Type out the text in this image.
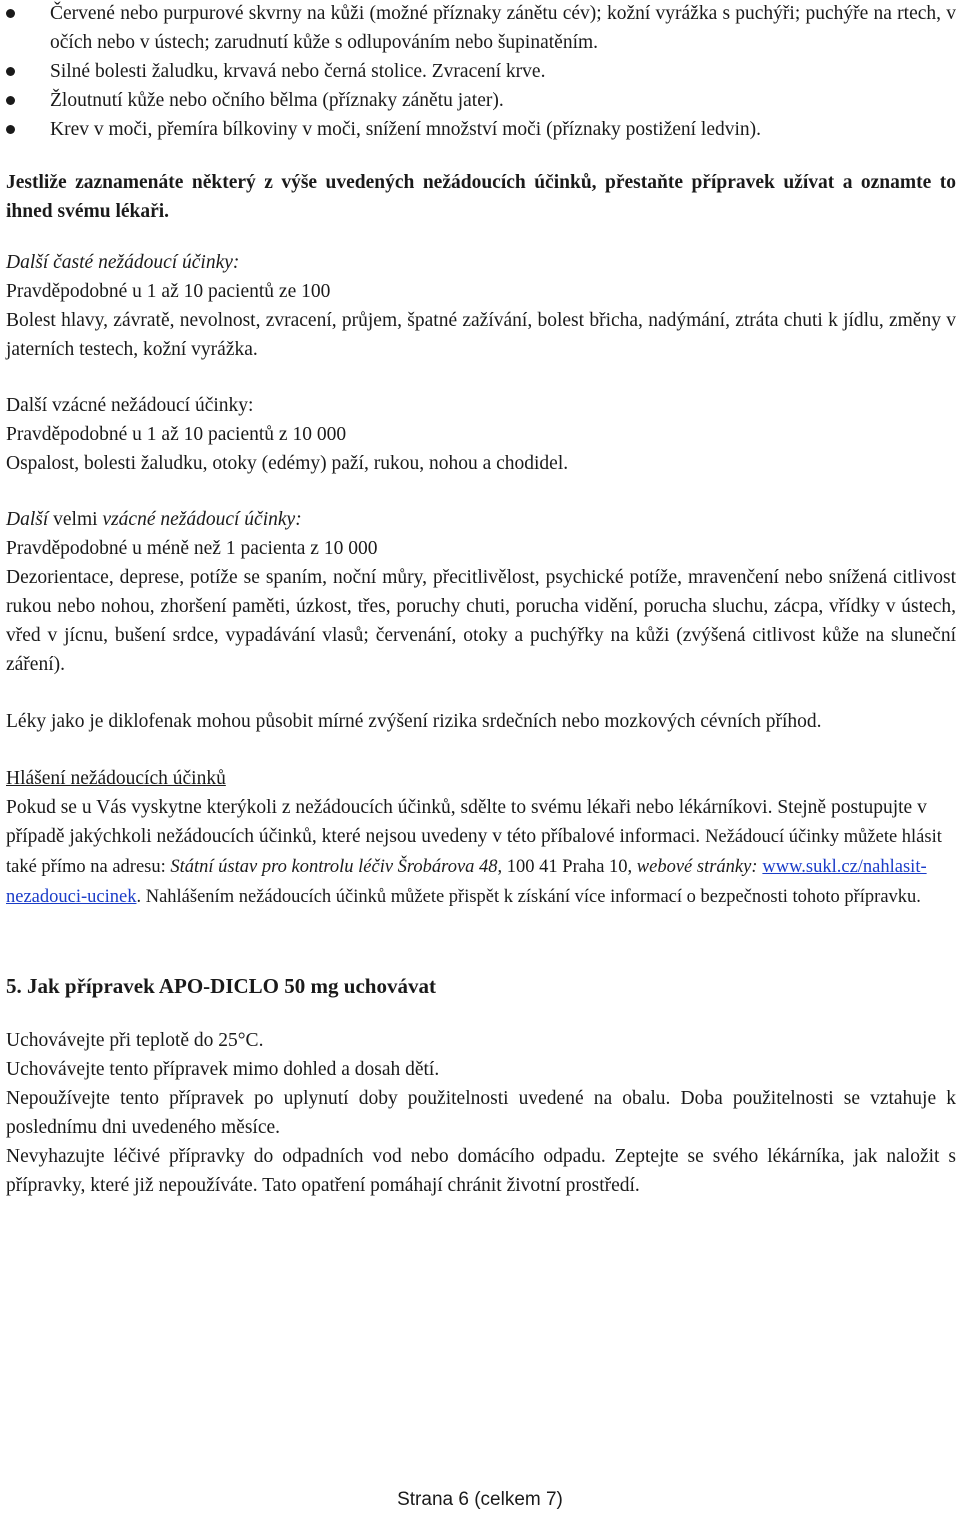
Červené nebo purpurové skvrny na kůži (možné příznaky zánětu cév); kožní vyrážka s puchýři; puchýře na rtech, v očích nebo v ústech; zarudnutí kůže s odlupováním nebo šupinatěním.
Silné bolesti žaludku, krvavá nebo černá stolice. Zvracení krve.
Žloutnutí kůže nebo očního bělma (příznaky zánětu jater).
Krev v moči, přemíra bílkoviny v moči, snížení množství moči (příznaky postižení ledvin).

Jestliže zaznamenáte některý z výše uvedených nežádoucích účinků, přestaňte přípravek užívat a oznamte to ihned svému lékaři.

Další časté nežádoucí účinky:

Pravděpodobné u 1 až 10 pacientů ze 100

Bolest hlavy, závratě, nevolnost, zvracení, průjem, špatné zažívání, bolest břicha, nadýmání, ztráta chuti k jídlu, změny v jaterních testech, kožní vyrážka.

Další vzácné nežádoucí účinky:

Pravděpodobné u 1 až 10 pacientů z 10 000

Ospalost, bolesti žaludku, otoky (edémy) paží, rukou, nohou a chodidel.

Další velmi vzácné nežádoucí účinky:

Pravděpodobné u méně než 1 pacienta z 10 000

Dezorientace, deprese, potíže se spaním, noční můry, přecitlivělost, psychické potíže, mravenčení nebo snížená citlivost rukou nebo nohou, zhoršení paměti, úzkost, třes, poruchy chuti, porucha vidění, porucha sluchu, zácpa, vřídky v ústech, vřed v jícnu, bušení srdce, vypadávání vlasů; červenání, otoky a puchýřky na kůži (zvýšená citlivost kůže na sluneční záření).

Léky jako je diklofenak mohou působit mírné zvýšení rizika srdečních nebo mozkových cévních příhod.

Hlášení nežádoucích účinků

Pokud se u Vás vyskytne kterýkoli z nežádoucích účinků, sdělte to svému lékaři nebo lékárníkovi. Stejně postupujte v případě jakýchkoli nežádoucích účinků, které nejsou uvedeny v této příbalové informaci. Nežádoucí účinky můžete hlásit také přímo na adresu: Státní ústav pro kontrolu léčiv Šrobárova 48, 100 41 Praha 10, webové stránky: www.sukl.cz/nahlasit-nezadouci-ucinek. Nahlášením nežádoucích účinků můžete přispět k získání více informací o bezpečnosti tohoto přípravku.

5. Jak přípravek APO-DICLO 50 mg uchovávat

Uchovávejte při teplotě do 25°C.

Uchovávejte tento přípravek mimo dohled a dosah dětí.

Nepoužívejte tento přípravek po uplynutí doby použitelnosti uvedené na obalu. Doba použitelnosti se vztahuje k poslednímu dni uvedeného měsíce.

Nevyhazujte léčivé přípravky do odpadních vod nebo domácího odpadu. Zeptejte se svého lékárníka, jak naložit s přípravky, které již nepoužíváte. Tato opatření pomáhají chránit životní prostředí.

Strana 6 (celkem 7)
